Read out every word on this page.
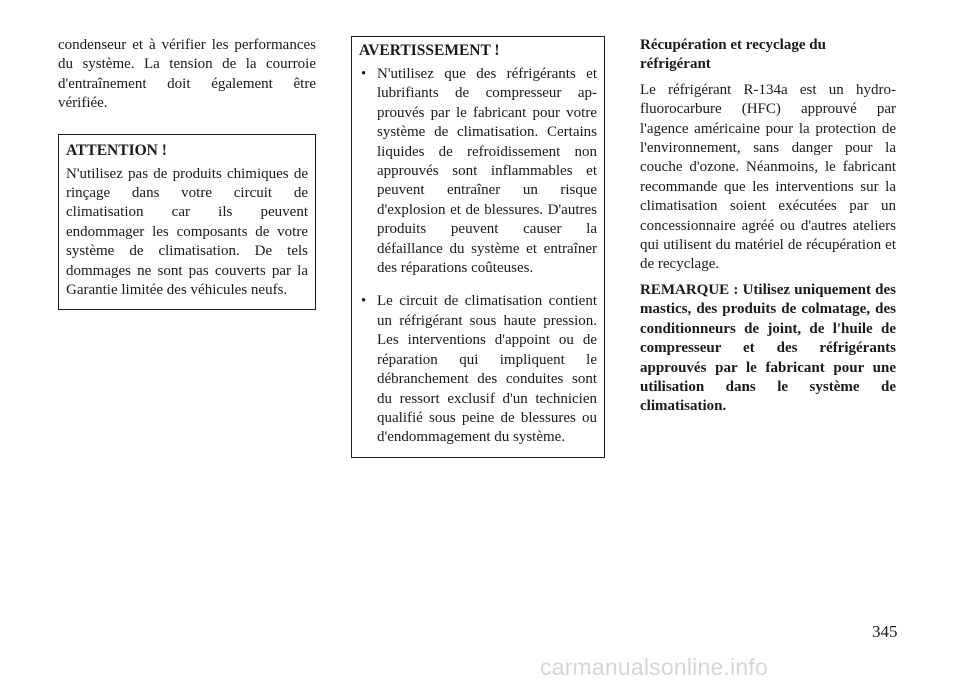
condenseur et à vérifier les performances du système. La tension de la courroie d'entraînement doit également être vérifiée.

ATTENTION !

N'utilisez pas de produits chimiques de rinçage dans votre circuit de climatisation car ils peuvent endommager les composants de votre système de climatisation. De tels dommages ne sont pas couverts par la Garantie limitée des véhicules neufs.

AVERTISSEMENT !
• N'utilisez que des réfrigérants et lubrifiants de compresseur approuvés par le fabricant pour votre système de climatisation. Certains liquides de refroidissement non approuvés sont inflammables et peuvent entraîner un risque d'explosion et de blessures. D'autres produits peuvent causer la défaillance du système et entraîner des réparations coûteuses.

• Le circuit de climatisation contient un réfrigérant sous haute pression. Les interventions d'appoint ou de réparation qui impliquent le débranchement des conduites sont du ressort exclusif d'un technicien qualifié sous peine de blessures ou d'endommagement du système.

Récupération et recyclage du réfrigérant

Le réfrigérant R-134a est un hydrofluorocarbure (HFC) approuvé par l'agence américaine pour la protection de l'environnement, sans danger pour la couche d'ozone. Néanmoins, le fabricant recommande que les interventions sur la climatisation soient exécutées par un concessionnaire agréé ou d'autres ateliers qui utilisent du matériel de récupération et de recyclage.

REMARQUE : Utilisez uniquement des mastics, des produits de colmatage, des conditionneurs de joint, de l'huile de compresseur et des réfrigérants approuvés par le fabricant pour une utilisation dans le système de climatisation.

345
carmanualsonline.info
